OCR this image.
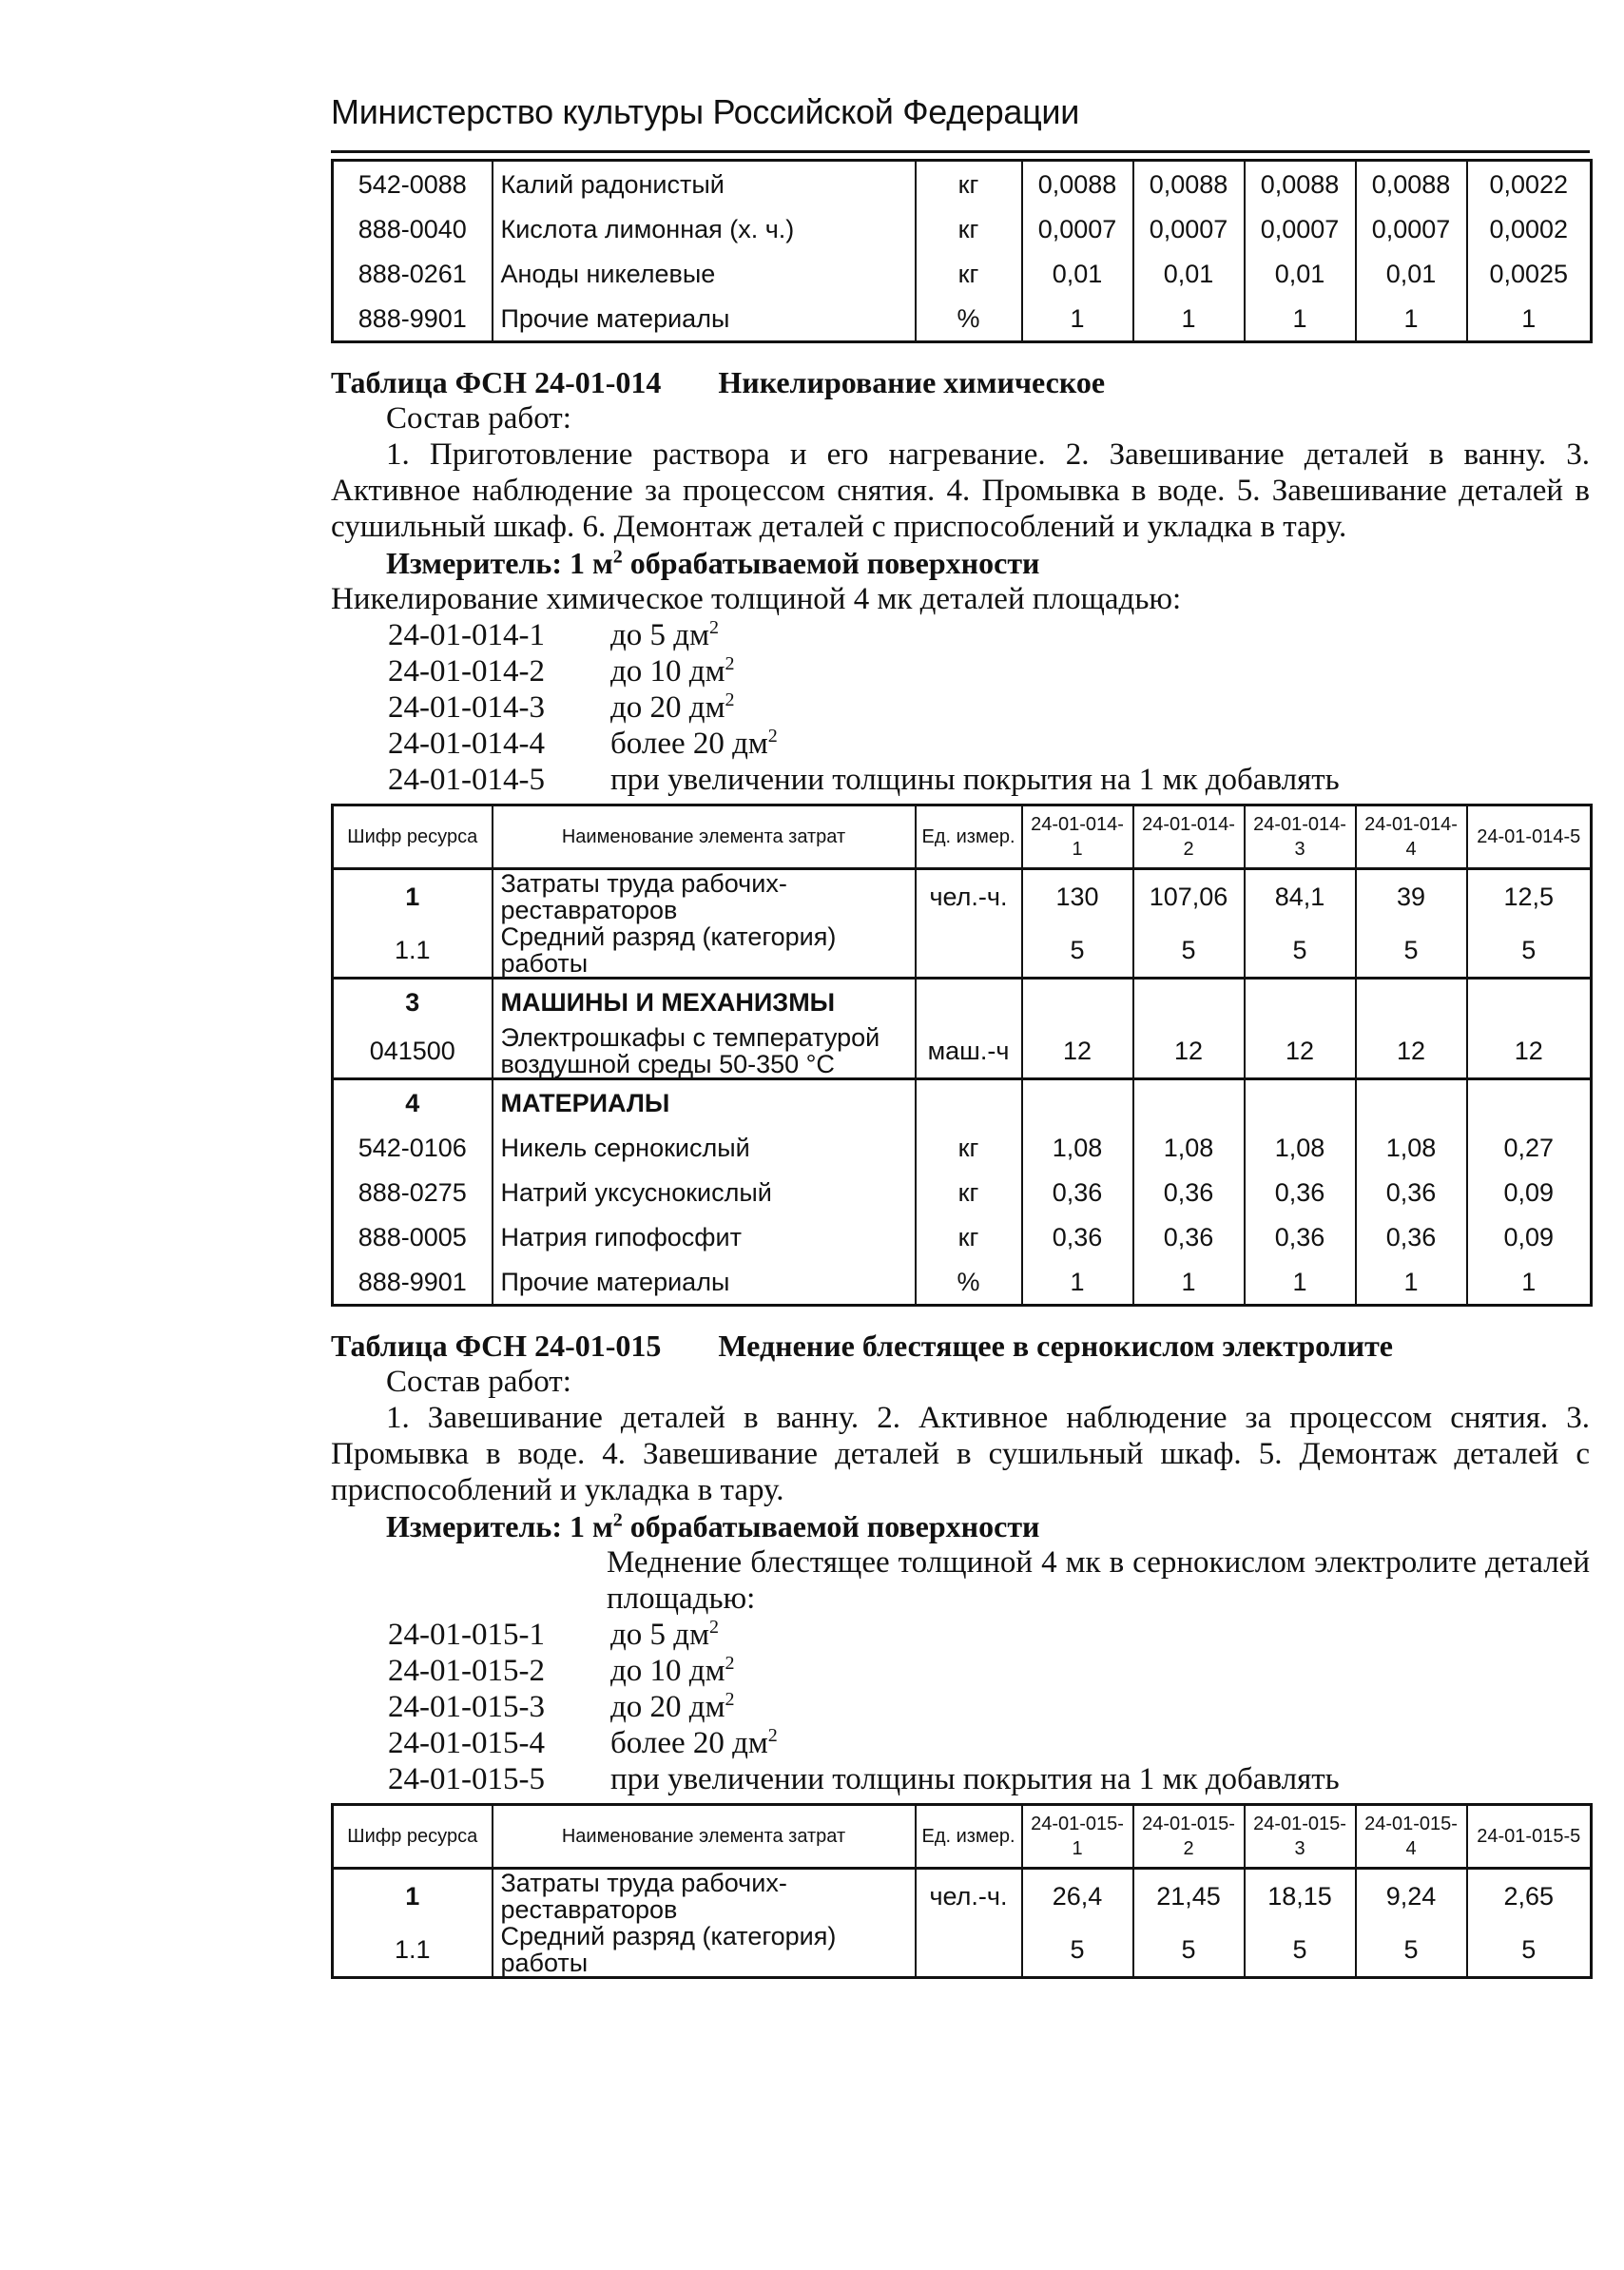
Министерство культуры Российской Федерации
542-0088	Калий радонистый	кг	0,0088	0,0088	0,0088	0,0088	0,0022
888-0040	Кислота лимонная (х. ч.)	кг	0,0007	0,0007	0,0007	0,0007	0,0002
888-0261	Аноды никелевые	кг	0,01	0,01	0,01	0,01	0,0025
888-9901	Прочие материалы	%	1	1	1	1	1
Таблица ФСН 24-01-014 Никелирование химическое
Состав работ:
1. Приготовление раствора и его нагревание. 2. Завешивание деталей в ванну. 3. Активное наблюдение за процессом снятия. 4. Промывка в воде. 5. Завешивание деталей в сушильный шкаф. 6. Демонтаж деталей с приспособлений и укладка в тару.
Измеритель: 1 $м^2$ обрабатываемой поверхности
Никелирование химическое толщиной 4 мк деталей площадью:
24-01-014-1 до 5 $дм^2$
24-01-014-2 до 10 $дм^2$
24-01-014-3 до 20 $дм^2$
24-01-014-4 более 20 $дм^2$
24-01-014-5 при увеличении толщины покрытия на 1 мк добавлять
Шифр ресурса	Наименование элемента затрат	Ед. измер.	24-01-014-1	24-01-014-2	24-01-014-3	24-01-014-4	24-01-014-5
1	Затраты труда рабочих-реставраторов	чел.-ч.	130	107,06	84,1	39	12,5
1.1	Средний разряд (категория) работы		5	5	5	5	5
3	МАШИНЫ И МЕХАНИЗМЫ						
041500	Электрошкафы с температурой воздушной среды 50-350 °С	маш.-ч	12	12	12	12	12
4	МАТЕРИАЛЫ						
542-0106	Никель сернокислый	кг	1,08	1,08	1,08	1,08	0,27
888-0275	Натрий уксуснокислый	кг	0,36	0,36	0,36	0,36	0,09
888-0005	Натрия гипофосфит	кг	0,36	0,36	0,36	0,36	0,09
888-9901	Прочие материалы	%	1	1	1	1	1
Таблица ФСН 24-01-015 Меднение блестящее в сернокислом электролите
Состав работ:
1. Завешивание деталей в ванну. 2. Активное наблюдение за процессом снятия. 3. Промывка в воде. 4. Завешивание деталей в сушильный шкаф. 5. Демонтаж деталей с приспособлений и укладка в тару.
Измеритель: 1 $м^2$ обрабатываемой поверхности
Меднение блестящее толщиной 4 мк в сернокислом электролите деталей площадью:
24-01-015-1 до 5 $дм^2$
24-01-015-2 до 10 $дм^2$
24-01-015-3 до 20 $дм^2$
24-01-015-4 более 20 $дм^2$
24-01-015-5 при увеличении толщины покрытия на 1 мк добавлять
Шифр ресурса	Наименование элемента затрат	Ед. измер.	24-01-015-1	24-01-015-2	24-01-015-3	24-01-015-4	24-01-015-5
1	Затраты труда рабочих-реставраторов	чел.-ч.	26,4	21,45	18,15	9,24	2,65
1.1	Средний разряд (категория) работы		5	5	5	5	5
